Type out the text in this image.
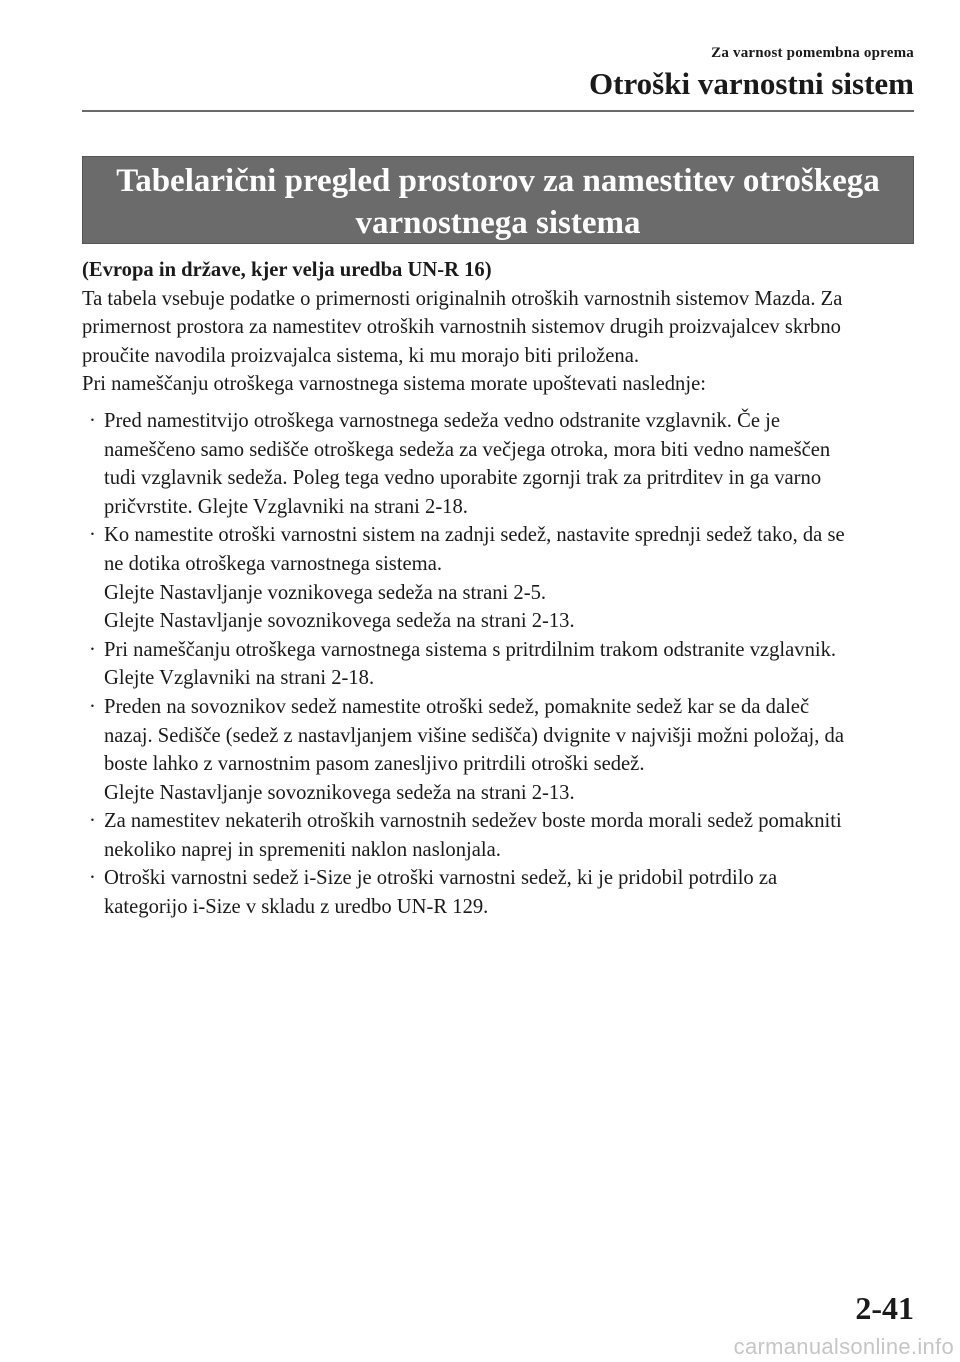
Za varnost pomembna oprema
Otroški varnostni sistem
Tabelarični pregled prostorov za namestitev otroškega
varnostnega sistema

(Evropa in države, kjer velja uredba UN-R 16)

Ta tabela vsebuje podatke o primernosti originalnih otroških varnostnih sistemov Mazda. Za

primernost prostora za namestitev otroških varnostnih sistemov drugih proizvajalcev skrbno

proučite navodila proizvajalca sistema, ki mu morajo biti priložena.

Pri nameščanju otroškega varnostnega sistema morate upoštevati naslednje:

· Pred namestitvijo otroškega varnostnega sedeža vedno odstranite vzglavnik. Če je
nameščeno samo sedišče otroškega sedeža za večjega otroka, mora biti vedno nameščen
tudi vzglavnik sedeža. Poleg tega vedno uporabite zgornji trak za pritrditev in ga varno
pričvrstite. Glejte Vzglavniki na strani 2-18.
· Ko namestite otroški varnostni sistem na zadnji sedež, nastavite sprednji sedež tako, da se
ne dotika otroškega varnostnega sistema.
Glejte Nastavljanje voznikovega sedeža na strani 2-5.
Glejte Nastavljanje sovoznikovega sedeža na strani 2-13.
· Pri nameščanju otroškega varnostnega sistema s pritrdilnim trakom odstranite vzglavnik.
Glejte Vzglavniki na strani 2-18.
· Preden na sovoznikov sedež namestite otroški sedež, pomaknite sedež kar se da daleč
nazaj. Sedišče (sedež z nastavljanjem višine sedišča) dvignite v najvišji možni položaj, da
boste lahko z varnostnim pasom zanesljivo pritrdili otroški sedež.
Glejte Nastavljanje sovoznikovega sedeža na strani 2-13.
· Za namestitev nekaterih otroških varnostnih sedežev boste morda morali sedež pomakniti
nekoliko naprej in spremeniti naklon naslonjala.
· Otroški varnostni sedež i-Size je otroški varnostni sedež, ki je pridobil potrdilo za
kategorijo i-Size v skladu z uredbo UN-R 129.
2-41
carmanualsonline.info
